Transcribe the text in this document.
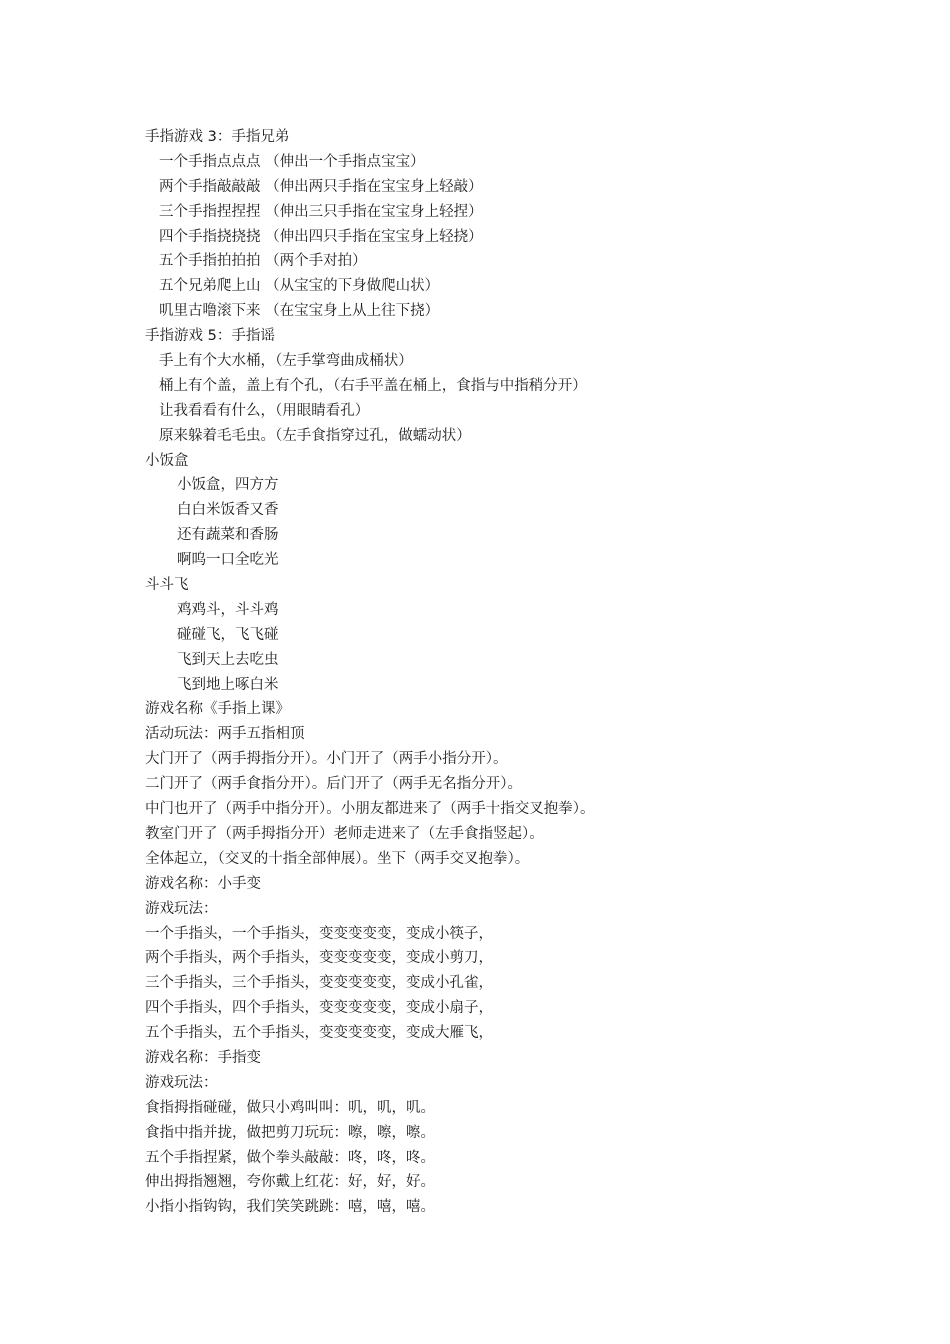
手指游戏 3：手指兄弟
一个手指点点点 （伸出一个手指点宝宝）
两个手指敲敲敲 （伸出两只手指在宝宝身上轻敲）
三个手指捏捏捏 （伸出三只手指在宝宝身上轻捏）
四个手指挠挠挠 （伸出四只手指在宝宝身上轻挠）
五个手指拍拍拍 （两个手对拍）
五个兄弟爬上山 （从宝宝的下身做爬山状）
叽里古噜滚下来 （在宝宝身上从上往下挠）
手指游戏 5：手指谣
手上有个大水桶，（左手掌弯曲成桶状）
桶上有个盖，盖上有个孔，（右手平盖在桶上，食指与中指稍分开）
让我看看有什么，（用眼睛看孔）
原来躲着毛毛虫。（左手食指穿过孔，做蠕动状）
小饭盒
小饭盒，四方方
白白米饭香又香
还有蔬菜和香肠
啊呜一口全吃光
斗斗飞
鸡鸡斗，斗斗鸡
碰碰飞，飞飞碰
飞到天上去吃虫
飞到地上啄白米
游戏名称《手指上课》
活动玩法：两手五指相顶
大门开了（两手拇指分开）。小门开了（两手小指分开）。
二门开了（两手食指分开）。后门开了（两手无名指分开）。
中门也开了（两手中指分开）。小朋友都进来了（两手十指交叉抱拳）。
教室门开了（两手拇指分开）老师走进来了（左手食指竖起）。
全体起立，（交叉的十指全部伸展）。坐下（两手交叉抱拳）。
游戏名称：小手变
游戏玩法：
一个手指头，一个手指头，变变变变变，变成小筷子，
两个手指头，两个手指头，变变变变变，变成小剪刀，
三个手指头，三个手指头，变变变变变，变成小孔雀，
四个手指头，四个手指头，变变变变变，变成小扇子，
五个手指头，五个手指头，变变变变变，变成大雁飞，
游戏名称：手指变
游戏玩法：
食指拇指碰碰，做只小鸡叫叫：叽，叽，叽。
食指中指并拢，做把剪刀玩玩：嚓，嚓，嚓。
五个手指捏紧，做个拳头敲敲：咚，咚，咚。
伸出拇指翘翘，夸你戴上红花：好，好，好。
小指小指钩钩，我们笑笑跳跳：嘻，嘻，嘻。
